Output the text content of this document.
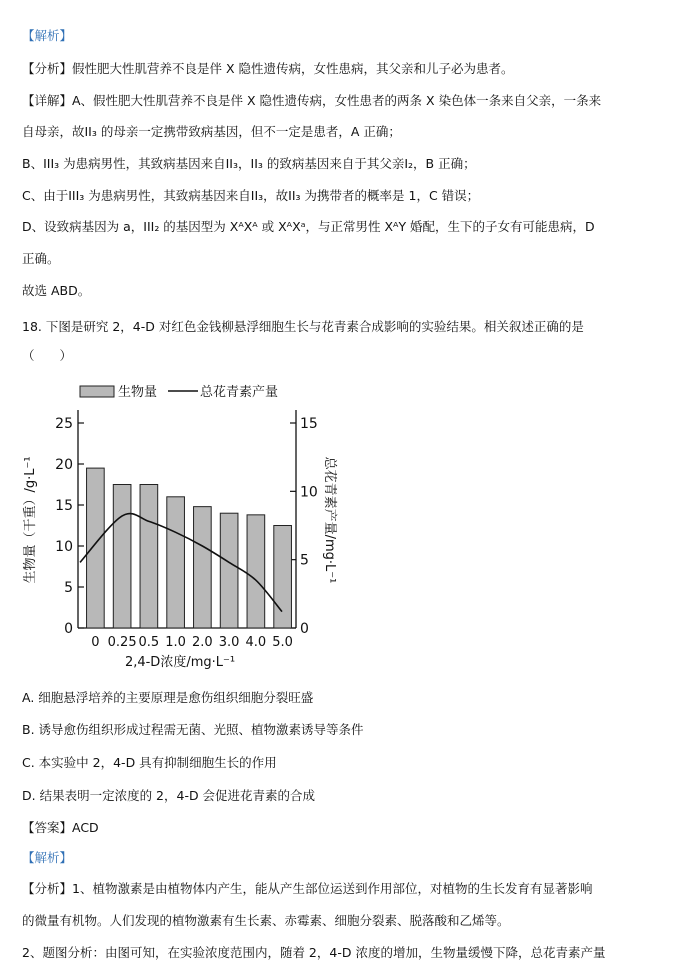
【解析】
【分析】假性肥大性肌营养不良是伴 X 隐性遗传病，女性患病，其父亲和儿子必为患者。
【详解】A、假性肥大性肌营养不良是伴 X 隐性遗传病，女性患者的两条 X 染色体一条来自父亲，一条来
自母亲，故II₃ 的母亲一定携带致病基因，但不一定是患者，A 正确；
B、III₃ 为患病男性，其致病基因来自II₃，II₃ 的致病基因来自于其父亲I₂，B 正确；
C、由于III₃ 为患病男性，其致病基因来自II₃，故II₃ 为携带者的概率是 1，C 错误；
D、设致病基因为 a，III₂ 的基因型为 XᴬXᴬ 或 XᴬXᵃ，与正常男性 XᴬY 婚配，生下的子女有可能患病，D
正确。
故选 ABD。
18. 下图是研究 2，4-D 对红色金钱柳悬浮细胞生长与花青素合成影响的实验结果。相关叙述正确的是
（　　）
生物量	总花青素产量
0
5
10
15
20
25
0
5
10
15
0 0.25 0.5 1.0 2.0 3.0 4.0 5.0
2,4-D浓度/mg·L⁻¹
生物量（干重）/g·L⁻¹	总花青素产量/mg·L⁻¹
A. 细胞悬浮培养的主要原理是愈伤组织细胞分裂旺盛
B. 诱导愈伤组织形成过程需无菌、光照、植物激素诱导等条件
C. 本实验中 2，4-D 具有抑制细胞生长的作用
D. 结果表明一定浓度的 2，4-D 会促进花青素的合成
【答案】ACD
【解析】
【分析】1、植物激素是由植物体内产生，能从产生部位运送到作用部位，对植物的生长发育有显著影响
的微量有机物。人们发现的植物激素有生长素、赤霉素、细胞分裂素、脱落酸和乙烯等。
2、题图分析：由图可知，在实验浓度范围内，随着 2，4-D 浓度的增加，生物量缓慢下降，总花青素产量
